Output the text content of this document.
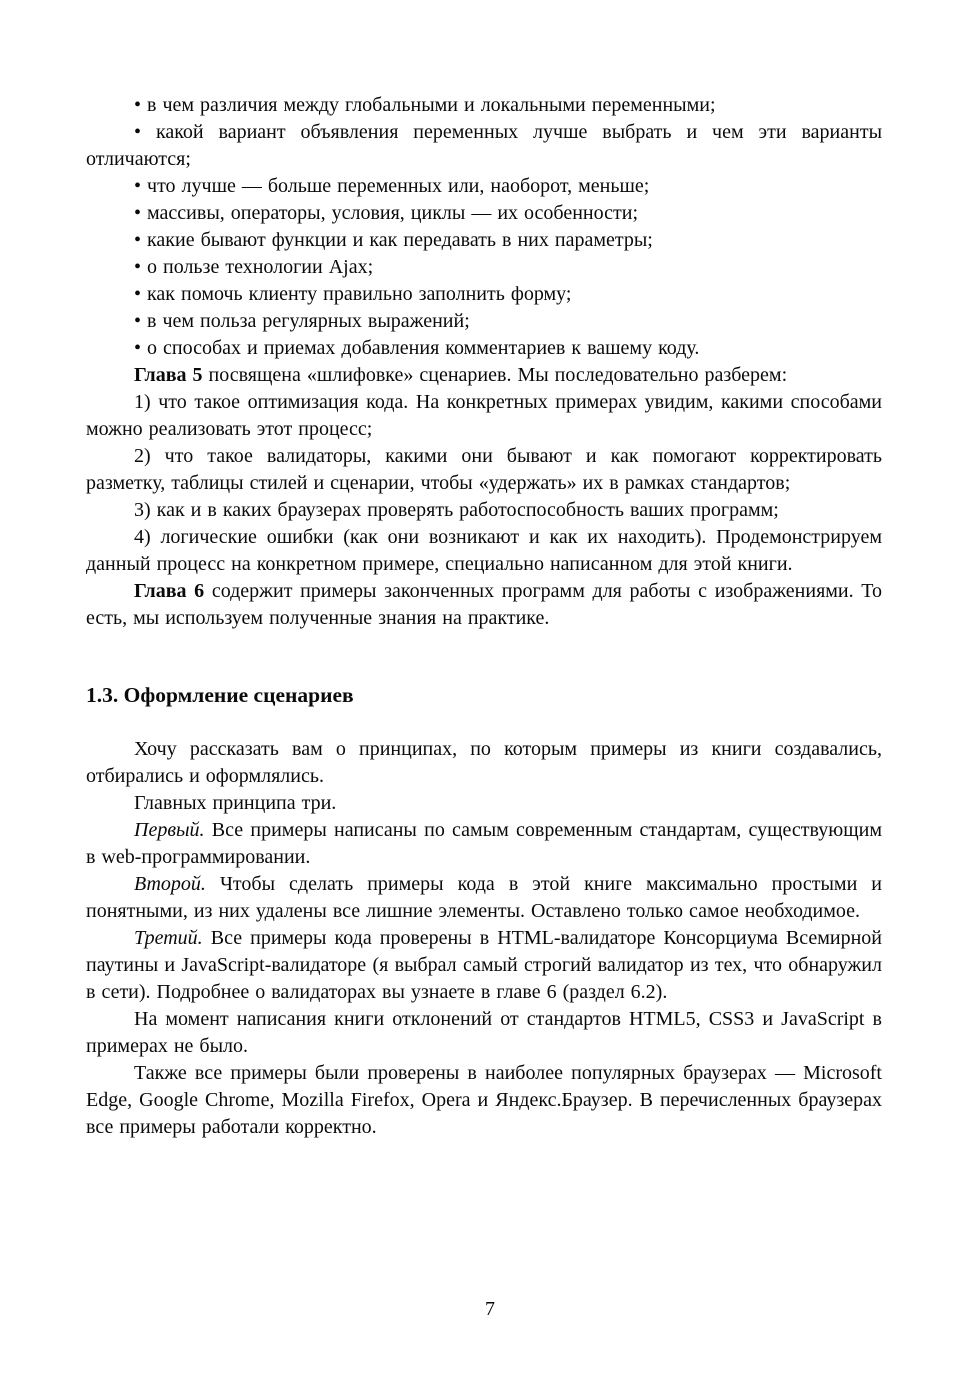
• в чем различия между глобальными и локальными переменными;

• какой вариант объявления переменных лучше выбрать и чем эти варианты отличаются;

• что лучше — больше переменных или, наоборот, меньше;

• массивы, операторы, условия, циклы — их особенности;

• какие бывают функции и как передавать в них параметры;

• о пользе технологии Ajax;

• как помочь клиенту правильно заполнить форму;

• в чем польза регулярных выражений;

• о способах и приемах добавления комментариев к вашему коду.

Глава 5 посвящена «шлифовке» сценариев. Мы последовательно разберем:

1) что такое оптимизация кода. На конкретных примерах увидим, какими способами можно реализовать этот процесс;

2) что такое валидаторы, какими они бывают и как помогают корректировать разметку, таблицы стилей и сценарии, чтобы «удержать» их в рамках стандартов;

3) как и в каких браузерах проверять работоспособность ваших программ;

4) логические ошибки (как они возникают и как их находить). Продемонстрируем данный процесс на конкретном примере, специально написанном для этой книги.

Глава 6 содержит примеры законченных программ для работы с изображениями. То есть, мы используем полученные знания на практике.

1.3. Оформление сценариев

Хочу рассказать вам о принципах, по которым примеры из книги создавались, отбирались и оформлялись.

Главных принципа три.

Первый. Все примеры написаны по самым современным стандартам, существующим в web-программировании.

Второй. Чтобы сделать примеры кода в этой книге максимально простыми и понятными, из них удалены все лишние элементы. Оставлено только самое необходимое.

Третий. Все примеры кода проверены в HTML-валидаторе Консорциума Всемирной паутины и JavaScript-валидаторе (я выбрал самый строгий валидатор из тех, что обнаружил в сети). Подробнее о валидаторах вы узнаете в главе 6 (раздел 6.2).

На момент написания книги отклонений от стандартов HTML5, CSS3 и JavaScript в примерах не было.

Также все примеры были проверены в наиболее популярных браузерах — Microsoft Edge, Google Chrome, Mozilla Firefox, Opera и Яндекс.Браузер. В перечисленных браузерах все примеры работали корректно.

7
